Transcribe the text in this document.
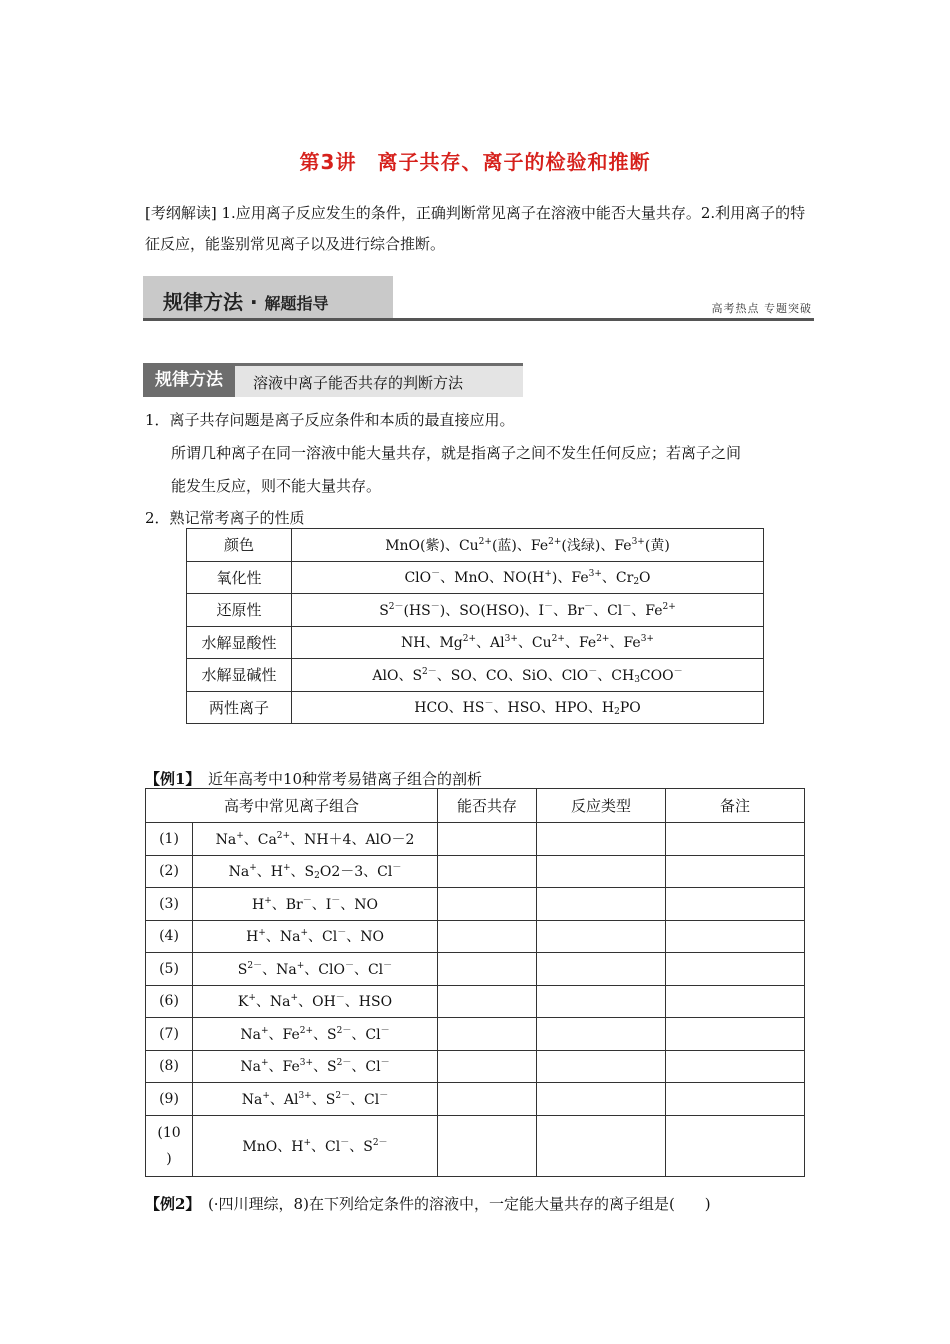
第3讲　离子共存、离子的检验和推断
[考纲解读] 1.应用离子反应发生的条件，正确判断常见离子在溶液中能否大量共存。2.利用离子的特征反应，能鉴别常见离子以及进行综合推断。
规律方法 · 解题指导	高考热点 专题突破
规律方法	溶液中离子能否共存的判断方法
1．离子共存问题是离子反应条件和本质的最直接应用。
所谓几种离子在同一溶液中能大量共存，就是指离子之间不发生任何反应；若离子之间
能发生反应，则不能大量共存。
2．熟记常考离子的性质
颜色	MnO(紫)、$Cu^{2+}$(蓝)、$Fe^{2+}$(浅绿)、$Fe^{3+}$(黄)
氧化性	ClO－、MnO、NO(H+)、$Fe^{3+}$、$Cr_2O$
还原性	$S^{2-}(HS^-)$、SO(HSO)、I－、Br－、Cl－、$Fe^{2+}$
水解显酸性	NH、$Mg^{2+}$、$Al^{3+}$、$Cu^{2+}$、$Fe^{2+}$、$Fe^{3+}$
水解显碱性	AlO、$S^{2-}$、SO、CO、SiO、ClO－、$CH_3COO^-$
两性离子	HCO、HS－、HSO、HPO、$H_2PO$
【例1】　近年高考中10种常考易错离子组合的剖析
高考中常见离子组合		能否共存	反应类型	备注
(1)	Na+、$Ca^{2+}$、NH＋4、AlO－2			
(2)	Na+、H+、$S_2O2-3$、Cl－			
(3)	H+、Br－、I－、NO			
(4)	H+、Na+、Cl－、NO			
(5)	$S^{2-}$、Na+、ClO－、Cl－			
(6)	K+、Na+、OH－、HSO			
(7)	Na+、$Fe^{2+}$、$S^{2-}$、Cl－			
(8)	Na+、$Fe^{3+}$、$S^{2-}$、Cl－			
(9)	Na+、$Al^{3+}$、$S^{2-}$、Cl－			
(10
)	MnO、H+、Cl－、$S^{2-}$			
【例2】　(·四川理综，8)在下列给定条件的溶液中，一定能大量共存的离子组是(　　)
